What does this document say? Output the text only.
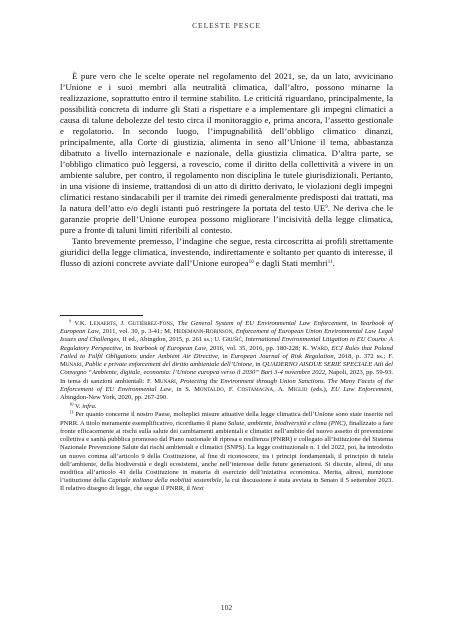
CELESTE PESCE

È pure vero che le scelte operate nel regolamento del 2021, se, da un lato, avvicinano l’Unione e i suoi membri alla neutralità climatica, dall’altro, possono minarne la realizzazione, soprattutto entro il termine stabilito. Le criticità riguardano, principalmente, la possibilità concreta di indurre gli Stati a rispettare e a implementare gli impegni climatici a causa di talune debolezze del testo circa il monitoraggio e, prima ancora, l’assetto gestionale e regolatorio. In secondo luogo, l’impugnabilità dell’obbligo climatico dinanzi, principalmente, alla Corte di giustizia, alimenta in seno all’Unione il tema, abbastanza dibattuto a livello internazionale e nazionale, della giustizia climatica. D’altra parte, se l’obbligo climatico può leggersi, a rovescio, come il diritto della collettività a vivere in un ambiente salubre, per contro, il regolamento non disciplina le tutele giurisdizionali. Pertanto, in una visione di insieme, trattandosi di un atto di diritto derivato, le violazioni degli impegni climatici restano sindacabili per il tramite dei rimedi generalmente predisposti dai trattati, ma la natura dell’atto e/o degli istanti può restringere la portata del testo $UE^9$. Ne deriva che le garanzie proprie dell’Unione europea possono migliorare l’incisività della legge climatica, pure a fronte di taluni limiti riferibili al contesto.

Tanto brevemente premesso, l’indagine che segue, resta circoscritta ai profili strettamente giuridici della legge climatica, investendo, indirettamente e soltanto per quanto di interesse, il flusso di azioni concrete avviate dall’Unione europea$^{10}$ e dagli Stati membri$^{11}$.

$^9$ V.K. Lenaerts, J. Gutiérrez-Fons, The General System of EU Environmental Law Enforcement, in Yearbook of European Law, 2011, vol. 30, p. 3-41; M. Hedemann-Robinson, Enforcement of European Union Environmental Law Legal Issues and Challenges, II ed., Abingdon, 2015, p. 261 ss.; U. Grušić, International Environmental Litigation in EU Courts: A Regulatory Perspective, in Yearbook of European Law, 2016, vol. 35, 2016, pp. 180-228; K. Ward, ECJ Rules that Poland Failed to Fulfil Obligations under Ambient Air Directive, in European Journal of Risk Regulation, 2018, p. 372 ss.; F. Munari, Public e private enforcement del diritto ambientale dell’Unione, in QUADERNO AISDUE SERIE SPECIALE Atti del Convegno “Ambiente, digitale, economia: l’Unione europea verso il 2030” Bari 3-4 novembre 2022, Napoli, 2023, pp. 59-93. In tema di sanzioni ambientali: F. Munari, Protecting the Environment through Union Sanctions. The Many Facets of the Enforcement of EU Environmental Law, in S. Montaldo, F. Costamagna, A. Miglio (eds.), EU Law Enforcement, Abingdon-New York, 2020, pp. 267-290.

$^{10}$ V. infra.

$^{11}$ Per quanto concerne il nostro Paese, molteplici misure attuative della legge climatica dell’Unione sono state inserite nel PNRR. A titolo meramente esemplificativo, ricordiamo il piano Salute, ambiente, biodiversità e clima (PNC), finalizzato a fare fronte efficacemente ai rischi sulla salute dei cambiamenti ambientali e climatici nell’ambito del nuovo assetto di prevenzione collettiva e sanità pubblica promosso dal Piano nazionale di ripresa e resilienza (PNRR) e collegato all’Istituzione del Sistema Nazionale Prevenzione Salute dai rischi ambientali e climatici (SNPS). La legge costituzionale n. 1 del 2022, poi, ha introdotto un nuovo comma all’articolo 9 della Costituzione, al fine di riconoscere, tra i principi fondamentali, il principio di tutela dell’ambiente, della biodiversità e degli ecosistemi, anche nell’interesse delle future generazioni. Si discute, altresì, di una modifica all’articolo 41 della Costituzione in materia di esercizio dell’iniziativa economica. Merita, altresì, menzione l’istituzione della Capitale italiana della mobilità sostenibile, la cui discussione è stata avviata in Senato il 5 settembre 2023. Il relativo disegno di legge, che segue il PNRR, il Next

102
